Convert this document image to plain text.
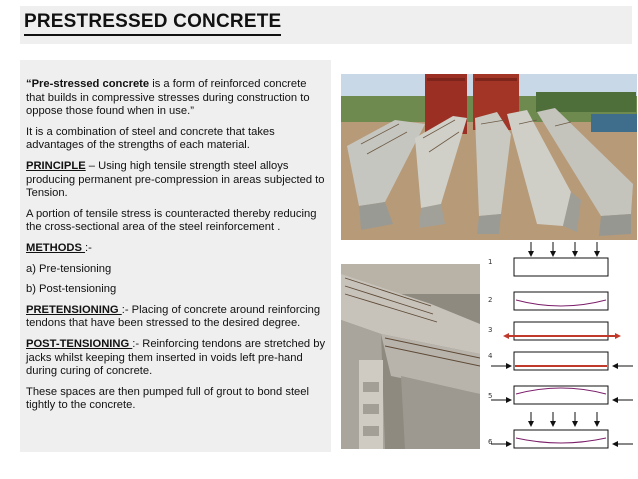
PRESTRESSED CONCRETE

“Pre-stressed concrete is a form of reinforced concrete that builds in compressive stresses during construction to oppose those found when in use.”

It is a combination of steel and concrete that takes advantages of the strengths of each material.

PRINCIPLE – Using high tensile strength steel alloys producing permanent pre-compression in areas subjected to Tension.

A portion of tensile stress is counteracted thereby reducing the cross-sectional area of the steel reinforcement .

METHODS :-

a) Pre-tensioning

b) Post-tensioning

PRETENSIONING :- Placing of concrete around reinforcing tendons that have been stressed to the desired degree.

POST-TENSIONING :- Reinforcing tendons are stretched by jacks whilst keeping them inserted in voids left pre-hand during curing of concrete.

These spaces are then pumped full of grout to bond steel tightly to the concrete.

1
2
3
4
5
6
